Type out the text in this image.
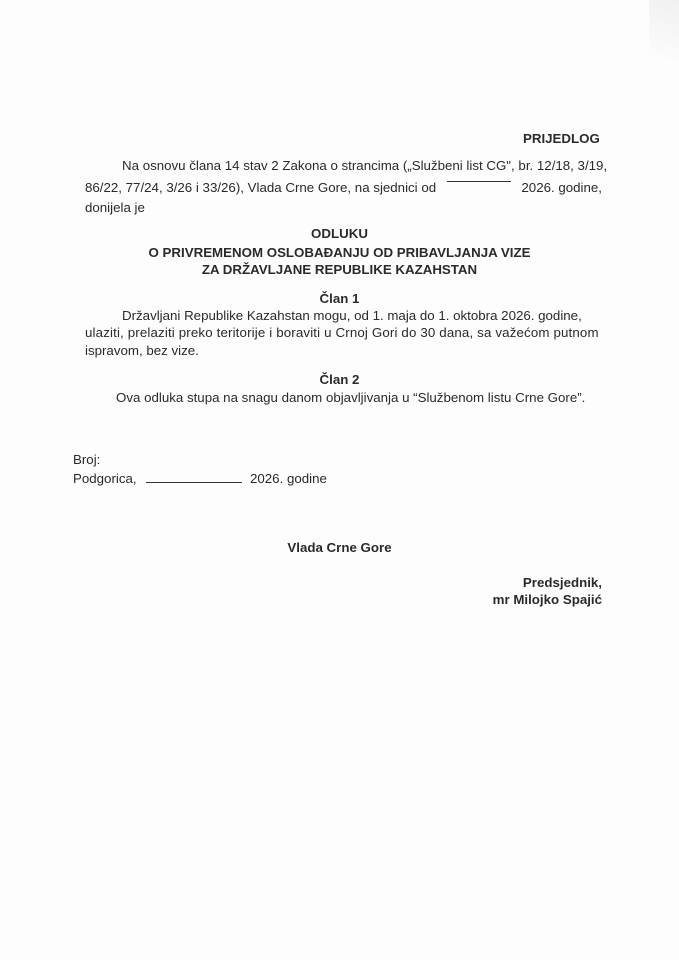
PRIJEDLOG
Na osnovu člana 14 stav 2 Zakona o strancima („Službeni list CG", br. 12/18, 3/19,
86/22, 77/24, 3/26 i 33/26), Vlada Crne Gore, na sjednici od	2026. godine,
donijela je
ODLUKU
O PRIVREMENOM OSLOBAĐANJU OD PRIBAVLJANJA VIZE
ZA DRŽAVLJANE REPUBLIKE KAZAHSTAN
Član 1
Državljani Republike Kazahstan mogu, od 1. maja do 1. oktobra 2026. godine,
ulaziti, prelaziti preko teritorije i boraviti u Crnoj Gori do 30 dana, sa važećom putnom
ispravom, bez vize.
Član 2
Ova odluka stupa na snagu danom objavljivanja u “Službenom listu Crne Gore”.
Broj:
Podgorica,	2026. godine
Vlada Crne Gore
Predsjednik,
mr Milojko Spajić
